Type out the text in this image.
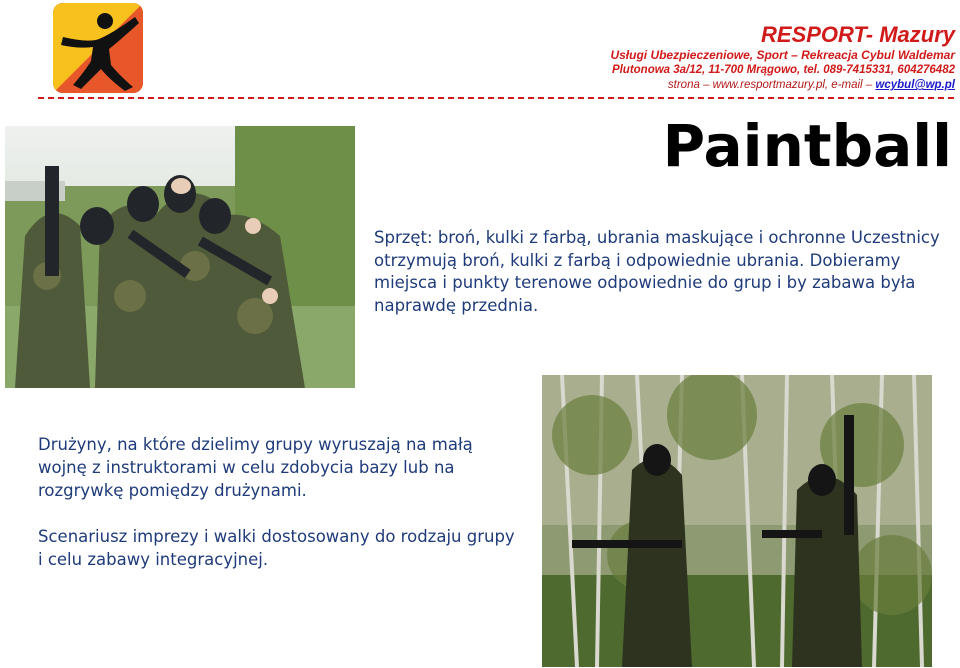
RESPORT- Mazury
Usługi Ubezpieczeniowe, Sport – Rekreacja Cybul Waldemar
Plutonowa 3a/12, 11-700 Mrągowo, tel. 089-7415331, 604276482
strona – www.resportmazury.pl, e-mail – wcybul@wp.pl
Paintball
Sprzęt: broń, kulki z farbą, ubrania maskujące i ochronne Uczestnicy otrzymują broń, kulki z farbą i odpowiednie ubrania. Dobieramy miejsca i punkty terenowe odpowiednie do grup i by zabawa była naprawdę przednia.

Drużyny, na które dzielimy grupy wyruszają na małą wojnę z instruktorami w celu zdobycia bazy lub na rozgrywkę pomiędzy drużynami.

Scenariusz imprezy i walki dostosowany do rodzaju grupy i celu zabawy integracyjnej.
